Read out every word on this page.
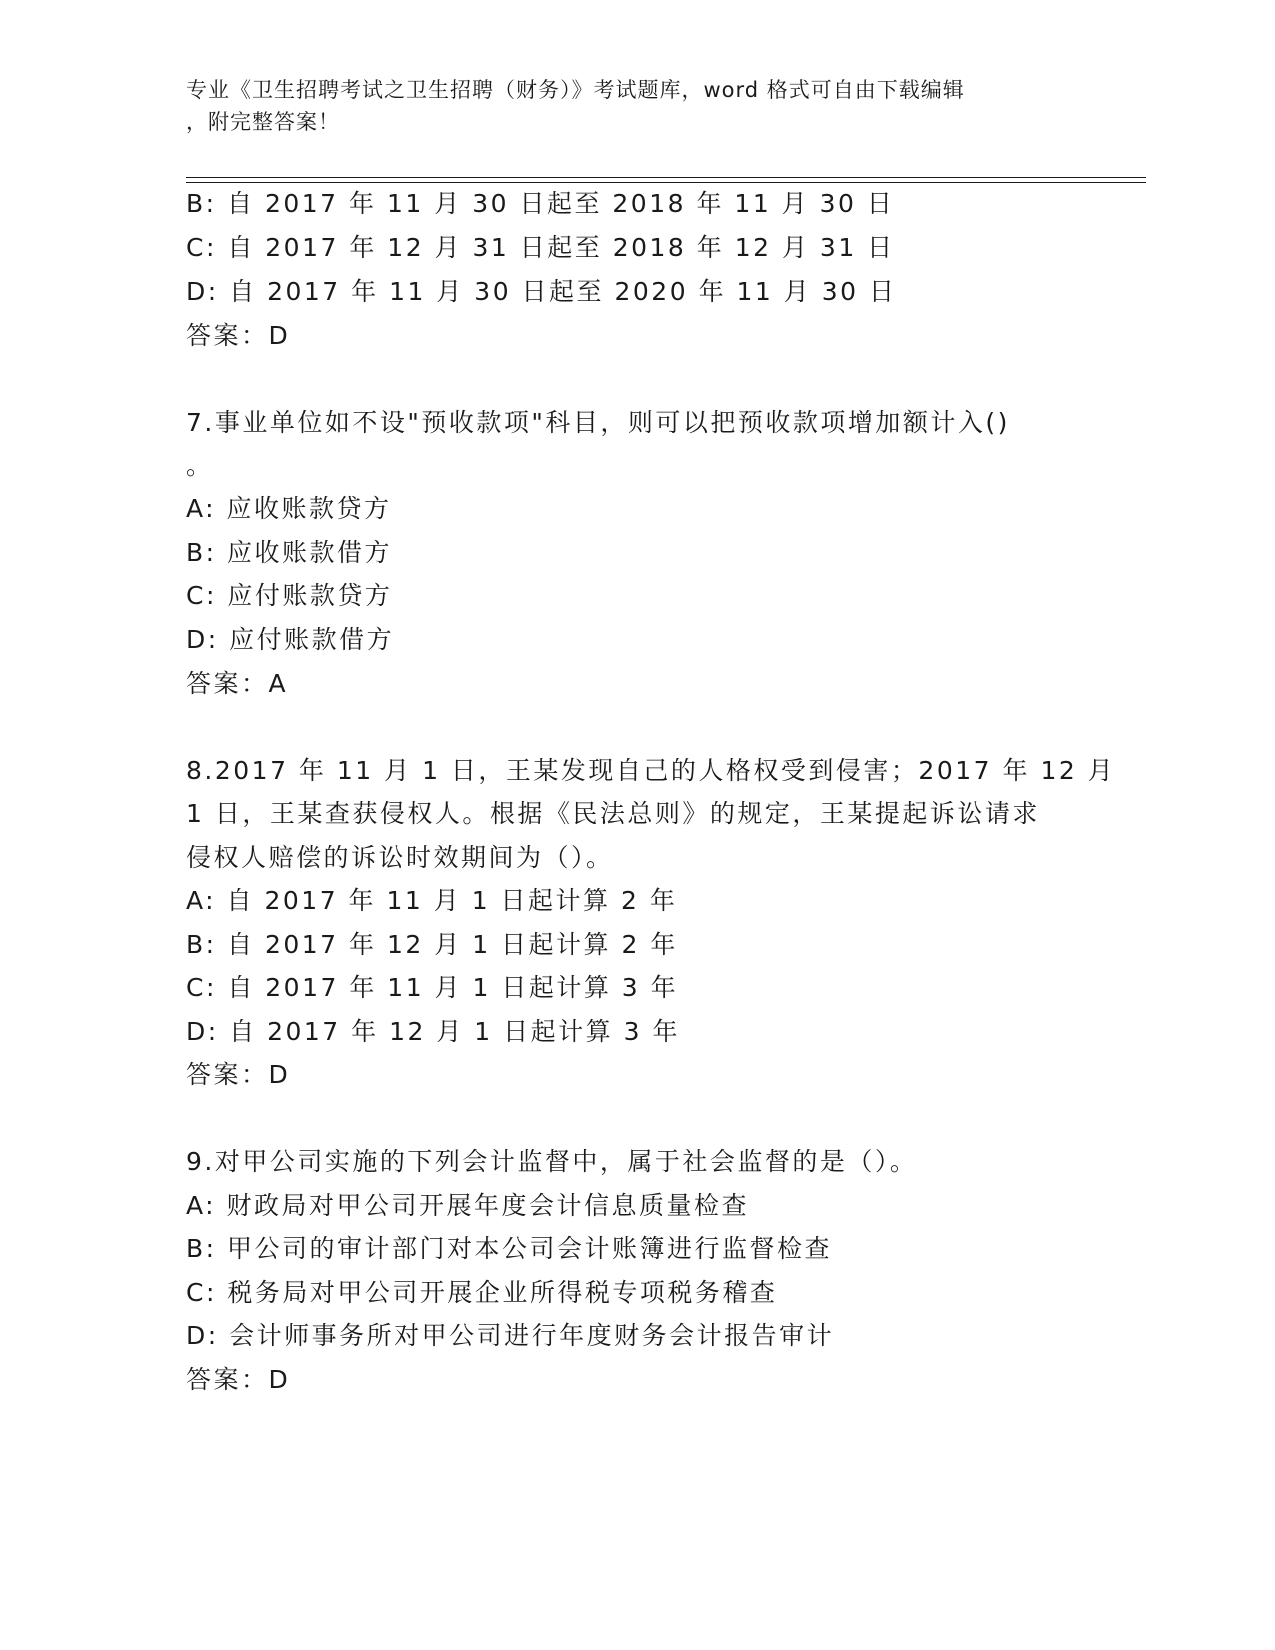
专业《卫生招聘考试之卫生招聘（财务）》考试题库，word 格式可自由下载编辑
，附完整答案！
B: 自 2017 年 11 月 30 日起至 2018 年 11 月 30 日
C: 自 2017 年 12 月 31 日起至 2018 年 12 月 31 日
D: 自 2017 年 11 月 30 日起至 2020 年 11 月 30 日
答案：D
7.事业单位如不设"预收款项"科目，则可以把预收款项增加额计入()
。
A: 应收账款贷方
B: 应收账款借方
C: 应付账款贷方
D: 应付账款借方
答案：A
8.2017 年 11 月 1 日，王某发现自己的人格权受到侵害；2017 年 12 月
1 日，王某查获侵权人。根据《民法总则》的规定，王某提起诉讼请求
侵权人赔偿的诉讼时效期间为（）。
A: 自 2017 年 11 月 1 日起计算 2 年
B: 自 2017 年 12 月 1 日起计算 2 年
C: 自 2017 年 11 月 1 日起计算 3 年
D: 自 2017 年 12 月 1 日起计算 3 年
答案：D
9.对甲公司实施的下列会计监督中，属于社会监督的是（）。
A: 财政局对甲公司开展年度会计信息质量检查
B: 甲公司的审计部门对本公司会计账簿进行监督检查
C: 税务局对甲公司开展企业所得税专项税务稽查
D: 会计师事务所对甲公司进行年度财务会计报告审计
答案：D
